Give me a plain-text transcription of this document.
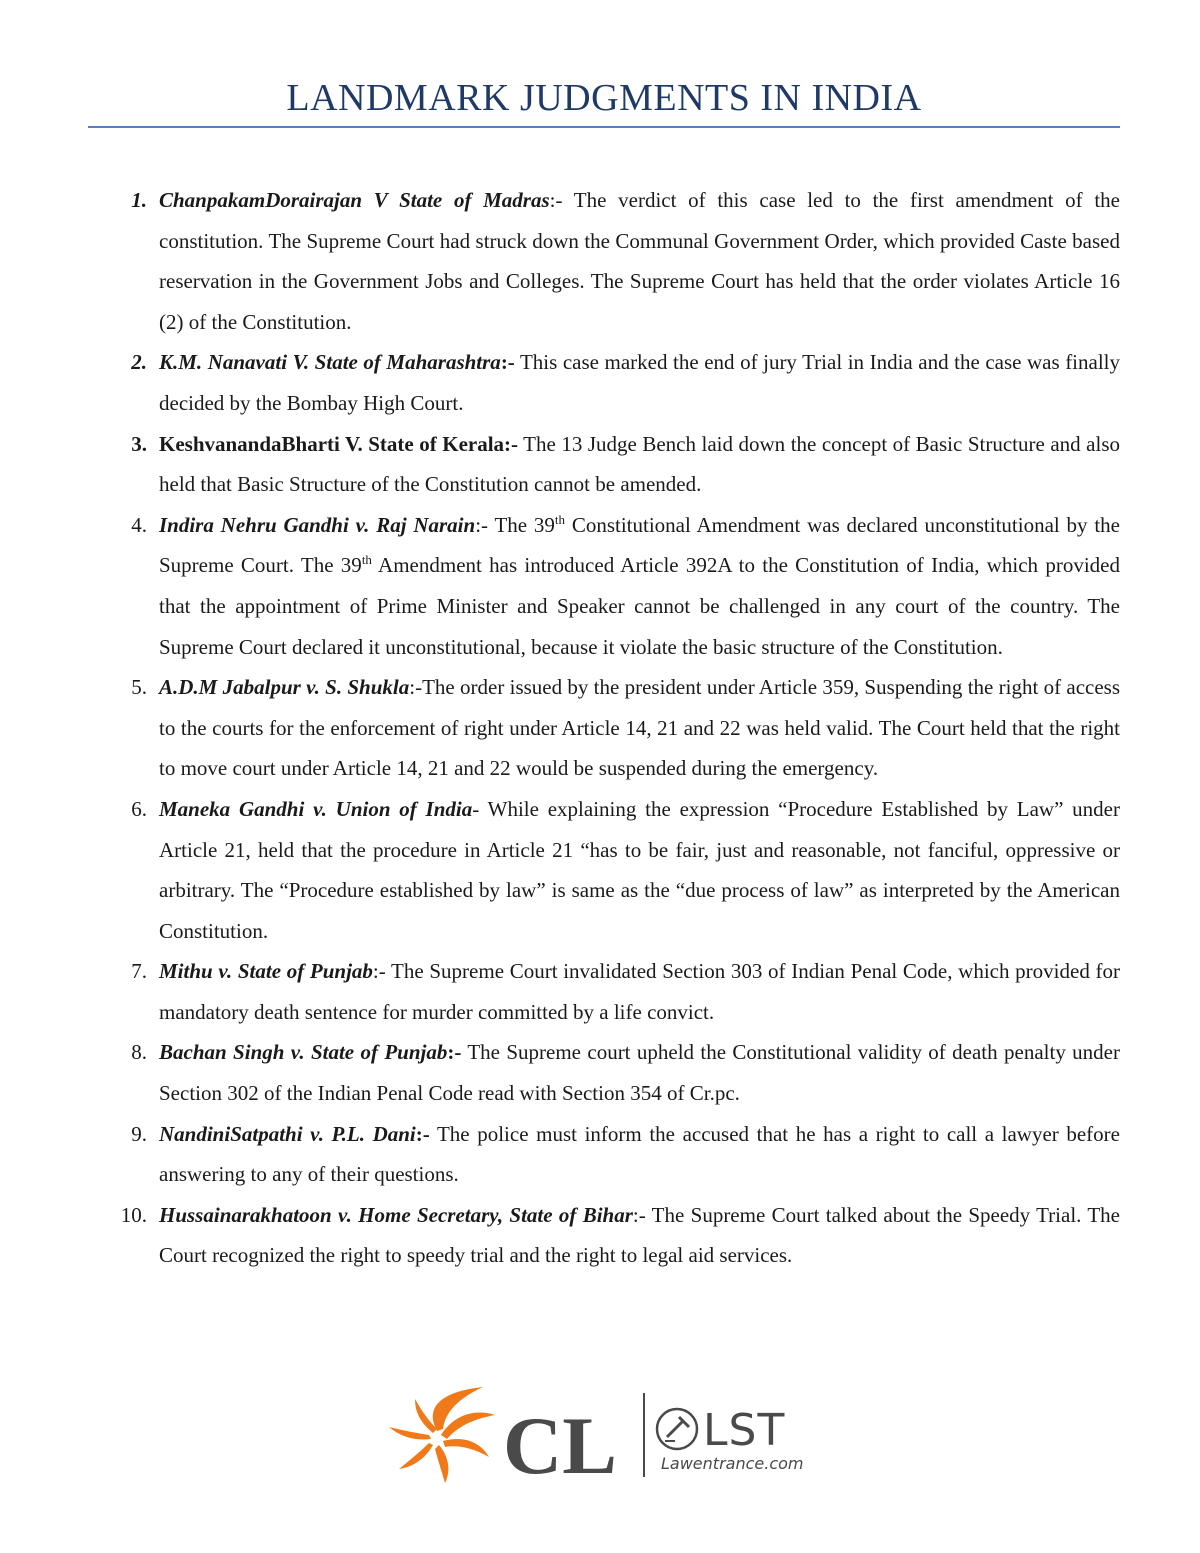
LANDMARK JUDGMENTS IN INDIA
1. ChanpakamDorairajan V State of Madras:- The verdict of this case led to the first amendment of the constitution. The Supreme Court had struck down the Communal Government Order, which provided Caste based reservation in the Government Jobs and Colleges. The Supreme Court has held that the order violates Article 16 (2) of the Constitution.
2. K.M. Nanavati V. State of Maharashtra:- This case marked the end of jury Trial in India and the case was finally decided by the Bombay High Court.
3. KeshvanandaBharti V. State of Kerala:- The 13 Judge Bench laid down the concept of Basic Structure and also held that Basic Structure of the Constitution cannot be amended.
4. Indira Nehru Gandhi v. Raj Narain:- The 39th Constitutional Amendment was declared unconstitutional by the Supreme Court. The 39th Amendment has introduced Article 392A to the Constitution of India, which provided that the appointment of Prime Minister and Speaker cannot be challenged in any court of the country. The Supreme Court declared it unconstitutional, because it violate the basic structure of the Constitution.
5. A.D.M Jabalpur v. S. Shukla:-The order issued by the president under Article 359, Suspending the right of access to the courts for the enforcement of right under Article 14, 21 and 22 was held valid. The Court held that the right to move court under Article 14, 21 and 22 would be suspended during the emergency.
6. Maneka Gandhi v. Union of India- While explaining the expression “Procedure Established by Law” under Article 21, held that the procedure in Article 21 “has to be fair, just and reasonable, not fanciful, oppressive or arbitrary. The “Procedure established by law” is same as the “due process of law” as interpreted by the American Constitution.
7. Mithu v. State of Punjab:- The Supreme Court invalidated Section 303 of Indian Penal Code, which provided for mandatory death sentence for murder committed by a life convict.
8. Bachan Singh v. State of Punjab:- The Supreme court upheld the Constitutional validity of death penalty under Section 302 of the Indian Penal Code read with Section 354 of Cr.pc.
9. NandiniSatpathi v. P.L. Dani:- The police must inform the accused that he has a right to call a lawyer before answering to any of their questions.
10. Hussainarakhatoon v. Home Secretary, State of Bihar:- The Supreme Court talked about the Speedy Trial. The Court recognized the right to speedy trial and the right to legal aid services.
CL LST
Lawentrance.com
